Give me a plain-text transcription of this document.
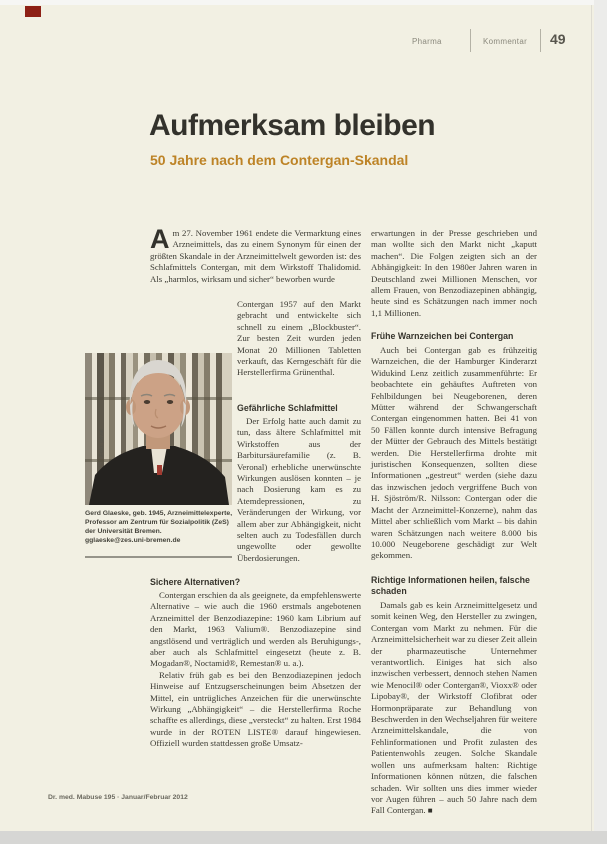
Pharma	Kommentar 49
Aufmerksam bleiben
50 Jahre nach dem Contergan-Skandal

Am 27. November 1961 endete die Vermarktung eines Arzneimittels, das zu einem Synonym für einen der größten Skandale in der Arzneimittelwelt geworden ist: des Schlafmittels Contergan, mit dem Wirkstoff Thalidomid. Als „harmlos, wirksam und sicher“ beworben wurde

Contergan 1957 auf den Markt gebracht und entwickelte sich schnell zu einem „Blockbuster“. Zur besten Zeit wurden jeden Monat 20 Millionen Tabletten verkauft, das Kerngeschäft für die Herstellerfirma Grünenthal.

Gefährliche Schlafmittel

Der Erfolg hatte auch damit zu tun, dass ältere Schlafmittel mit Wirkstoffen aus der Barbitursäurefamilie (z. B. Veronal) erhebliche unerwünschte Wirkungen auslösen konnten – je nach Dosierung kam es zu Atemdepressionen, zu Veränderungen der Wirkung, vor allem aber zur Abhängigkeit, nicht selten auch zu Todesfällen durch ungewollte oder gewollte Überdosierungen.

Foto: privat
Gerd Glaeske, geb. 1945, Arzneimittelexperte,
Professor am Zentrum für Sozialpolitik (ZeS)
der Universität Bremen.
gglaeske@zes.uni-bremen.de
Sichere Alternativen?

Contergan erschien da als geeignete, da empfehlenswerte Alternative – wie auch die 1960 erstmals angebotenen Arzneimittel der Benzodiazepine: 1960 kam Librium auf den Markt, 1963 Valium®. Benzodiazepine sind angstlösend und verträglich und werden als Beruhigungs-, aber auch als Schlafmittel eingesetzt (heute z. B. Mogadan®, Noctamid®, Remestan® u. a.).

Relativ früh gab es bei den Benzodiazepinen jedoch Hinweise auf Entzugserscheinungen beim Absetzen der Mittel, ein untrügliches Anzeichen für die unerwünschte Wirkung „Abhängigkeit“ – die Herstellerfirma Roche schaffte es allerdings, diese „versteckt“ zu halten. Erst 1984 wurde in der ROTEN LISTE® darauf hingewiesen. Offiziell wurden stattdessen große Umsatz-

erwartungen in der Presse geschrieben und man wollte sich den Markt nicht „kaputt machen“. Die Folgen zeigten sich an der Abhängigkeit: In den 1980er Jahren waren in Deutschland zwei Millionen Menschen, vor allem Frauen, von Benzodiazepinen abhängig, heute sind es Schätzungen nach immer noch 1,1 Millionen.

Frühe Warnzeichen bei Contergan

Auch bei Contergan gab es frühzeitig Warnzeichen, die der Hamburger Kinderarzt Widukind Lenz zeitlich zusammenführte: Er beobachtete ein gehäuftes Auftreten von Fehlbildungen bei Neugeborenen, deren Mütter während der Schwangerschaft Contergan eingenommen hatten. Bei 41 von 50 Fällen konnte durch intensive Befragung der Mütter der Gebrauch des Mittels bestätigt werden. Die Herstellerfirma drohte mit juristischen Konsequenzen, sollten diese Informationen „gestreut“ werden (siehe dazu das inzwischen jedoch vergriffene Buch von H. Sjöström/R. Nilsson: Contergan oder die Macht der Arzneimittel-Konzerne), nahm das Mittel aber schließlich vom Markt – bis dahin waren Schätzungen nach weitere 8.000 bis 10.000 Neugeborene geschädigt zur Welt gekommen.

Richtige Informationen heilen, falsche schaden

Damals gab es kein Arzneimittelgesetz und somit keinen Weg, den Hersteller zu zwingen, Contergan vom Markt zu nehmen. Für die Arzneimittelsicherheit war zu dieser Zeit allein der pharmazeutische Unternehmer verantwortlich. Einiges hat sich also inzwischen verbessert, dennoch stehen Namen wie Menocil® oder Contergan®, Vioxx® oder Lipobay®, der Wirkstoff Clofibrat oder Hormonpräparate zur Behandlung von Beschwerden in den Wechseljahren für weitere Arzneimittelskandale, die von Fehlinformationen und Profit zulasten des Patientenwohls zeugen. Solche Skandale wollen uns aufmerksam halten: Richtige Informationen können nützen, die falschen schaden. Wir sollten uns dies immer wieder vor Augen führen – auch 50 Jahre nach dem Fall Contergan. ■

Dr. med. Mabuse 195 · Januar/Februar 2012
